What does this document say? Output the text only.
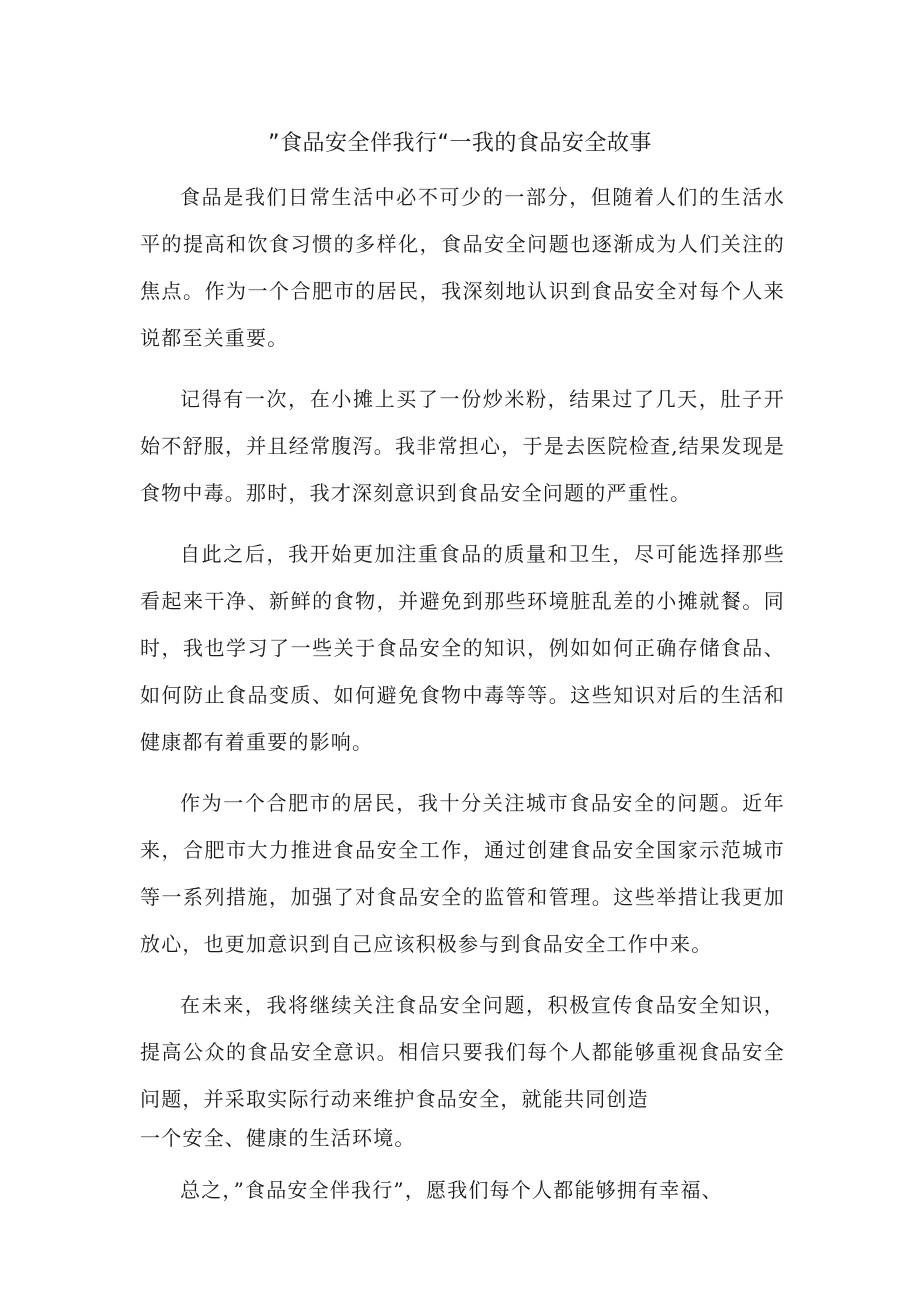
”食品安全伴我行“一我的食品安全故事

食品是我们日常生活中必不可少的一部分，但随着人们的生活水平的提高和饮食习惯的多样化，食品安全问题也逐渐成为人们关注的焦点。作为一个合肥市的居民，我深刻地认识到食品安全对每个人来说都至关重要。

记得有一次，在小摊上买了一份炒米粉，结果过了几天，肚子开始不舒服，并且经常腹泻。我非常担心，于是去医院检查,结果发现是食物中毒。那时，我才深刻意识到食品安全问题的严重性。

自此之后，我开始更加注重食品的质量和卫生，尽可能选择那些看起来干净、新鲜的食物，并避免到那些环境脏乱差的小摊就餐。同时，我也学习了一些关于食品安全的知识，例如如何正确存储食品、如何防止食品变质、如何避免食物中毒等等。这些知识对后的生活和健康都有着重要的影响。

作为一个合肥市的居民，我十分关注城市食品安全的问题。近年来，合肥市大力推进食品安全工作，通过创建食品安全国家示范城市等一系列措施，加强了对食品安全的监管和管理。这些举措让我更加放心，也更加意识到自己应该积极参与到食品安全工作中来。

在未来，我将继续关注食品安全问题，积极宣传食品安全知识，提高公众的食品安全意识。相信只要我们每个人都能够重视食品安全问题，并采取实际行动来维护食品安全，就能共同创造
一个安全、健康的生活环境。

总之，”食品安全伴我行”，愿我们每个人都能够拥有幸福、
